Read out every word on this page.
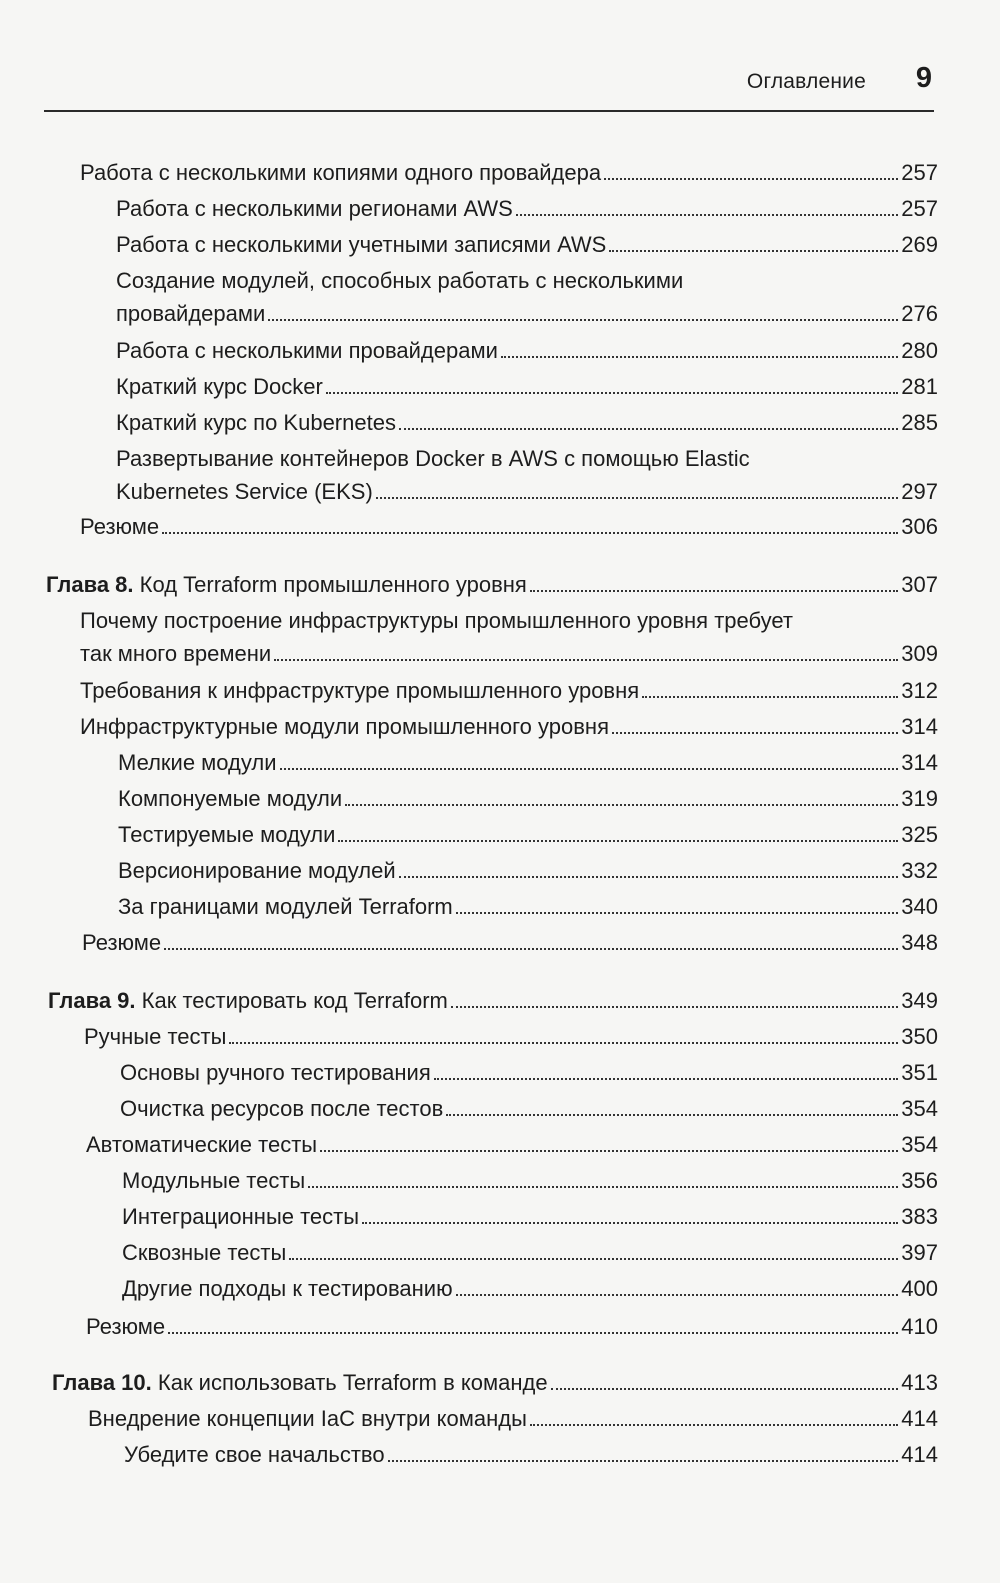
Оглавление 9
Работа с несколькими копиями одного провайдера	257
Работа с несколькими регионами AWS	257
Работа с несколькими учетными записями AWS	269
Создание модулей, способных работать с несколькими
провайдерами	276
Работа с несколькими провайдерами	280
Краткий курс Docker	281
Краткий курс по Kubernetes	285
Развертывание контейнеров Docker в AWS с помощью Elastic
Kubernetes Service (EKS)	297
Резюме	306
Глава 8. Код Terraform промышленного уровня	307
Почему построение инфраструктуры промышленного уровня требует
так много времени	309
Требования к инфраструктуре промышленного уровня	312
Инфраструктурные модули промышленного уровня	314
Мелкие модули	314
Компонуемые модули	319
Тестируемые модули	325
Версионирование модулей	332
За границами модулей Terraform	340
Резюме	348
Глава 9. Как тестировать код Terraform	349
Ручные тесты	350
Основы ручного тестирования	351
Очистка ресурсов после тестов	354
Автоматические тесты	354
Модульные тесты	356
Интеграционные тесты	383
Сквозные тесты	397
Другие подходы к тестированию	400
Резюме	410
Глава 10. Как использовать Terraform в команде	413
Внедрение концепции IaC внутри команды	414
Убедите свое начальство	414
